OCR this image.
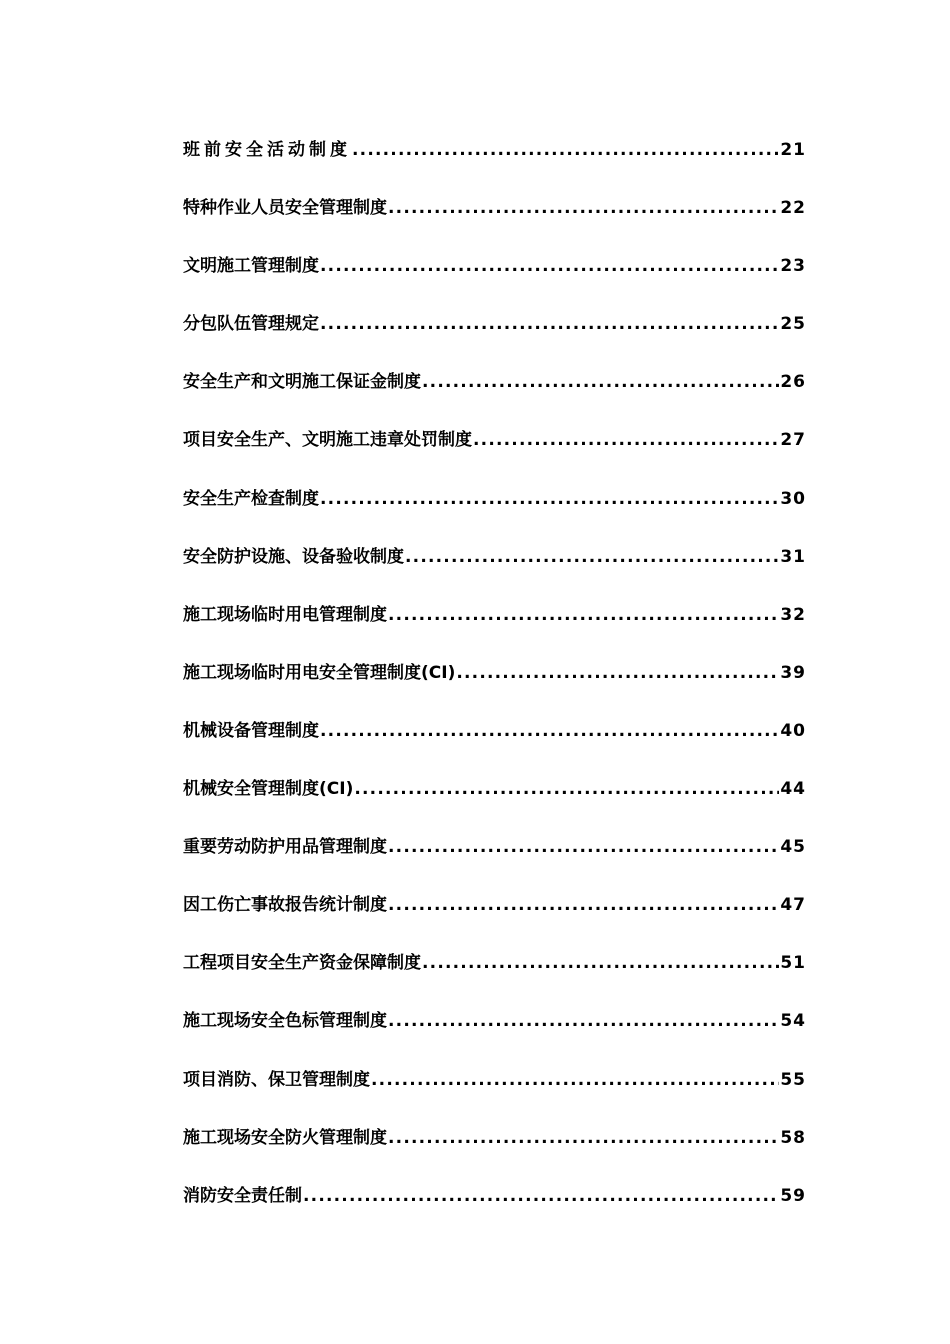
班前安全活动制度 .....	21
特种作业人员安全管理制度 .....	22
文明施工管理制度 .....	23
分包队伍管理规定 .....	25
安全生产和文明施工保证金制度 .....	26
项目安全生产、文明施工违章处罚制度 .....	27
安全生产检查制度 .....	30
安全防护设施、设备验收制度 .....	31
施工现场临时用电管理制度 .....	32
施工现场临时用电安全管理制度(CI) .....	39
机械设备管理制度 .....	40
机械安全管理制度(CI) .....	44
重要劳动防护用品管理制度 .....	45
因工伤亡事故报告统计制度 .....	47
工程项目安全生产资金保障制度 .....	51
施工现场安全色标管理制度 .....	54
项目消防、保卫管理制度 .....	55
施工现场安全防火管理制度 .....	58
消防安全责任制 .....	59
